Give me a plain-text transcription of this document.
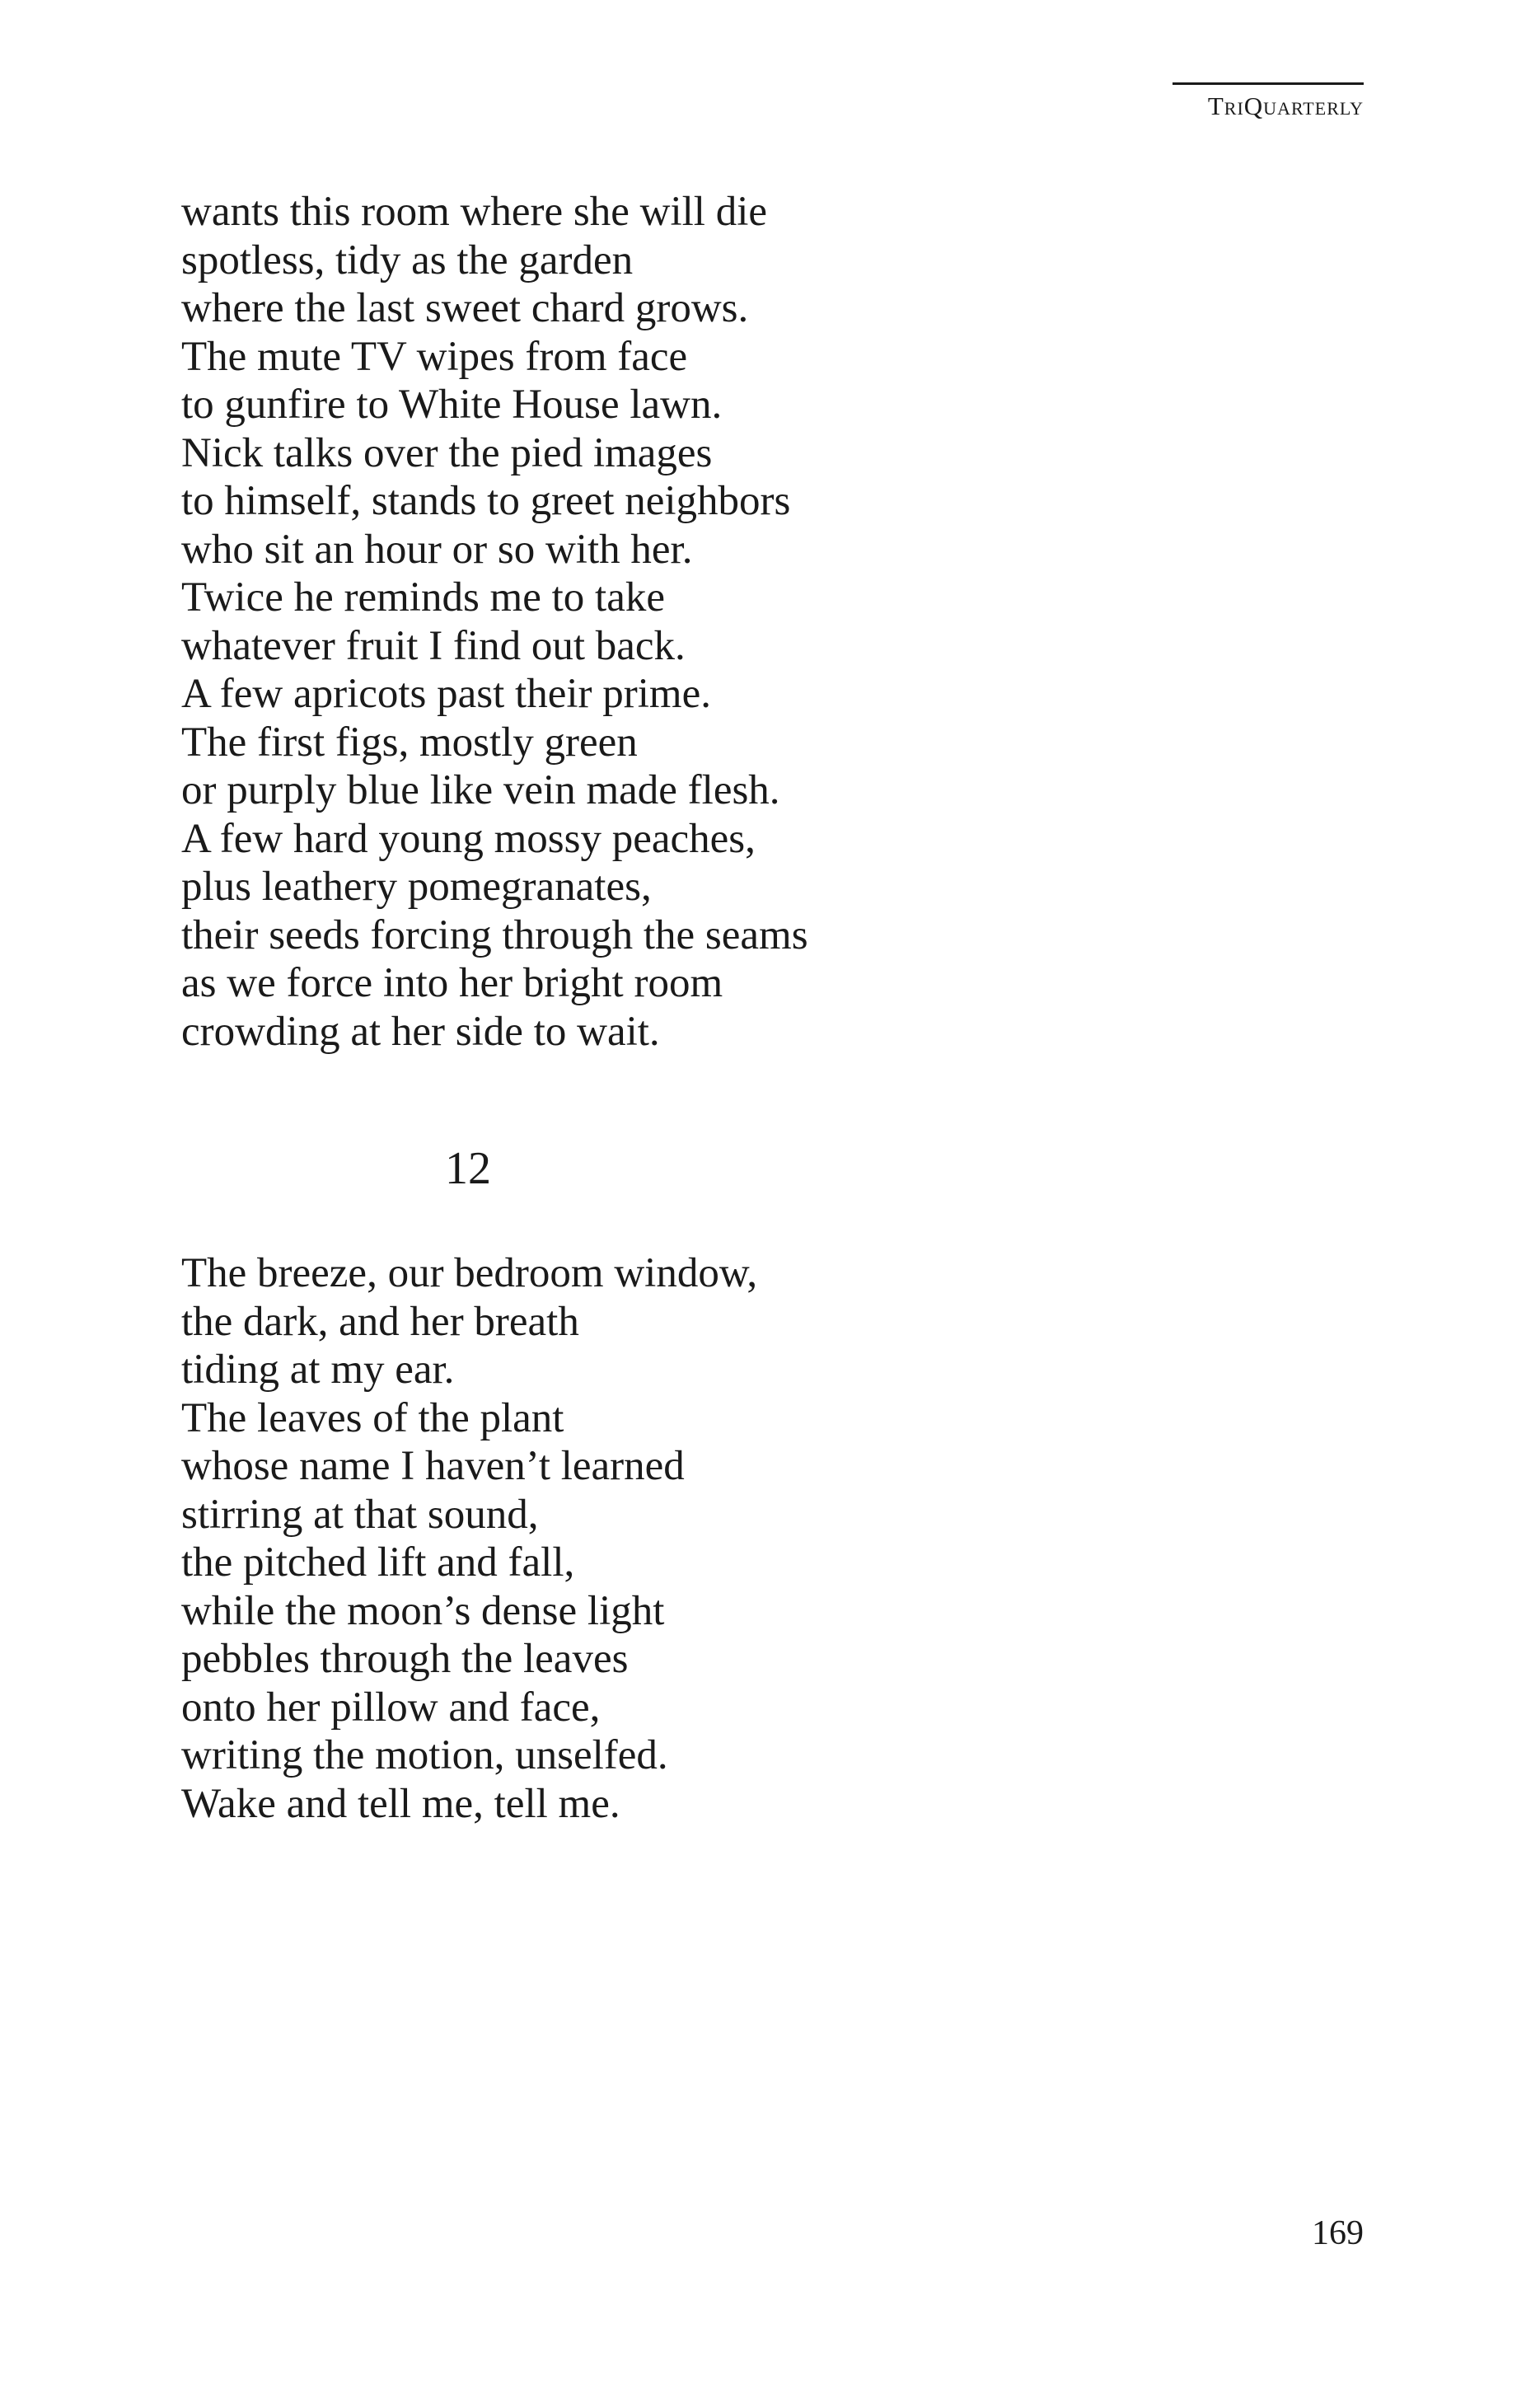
TriQuarterly
wants this room where she will die
spotless, tidy as the garden
where the last sweet chard grows.
The mute TV wipes from face
to gunfire to White House lawn.
Nick talks over the pied images
to himself, stands to greet neighbors
who sit an hour or so with her.
Twice he reminds me to take
whatever fruit I find out back.
A few apricots past their prime.
The first figs, mostly green
or purply blue like vein made flesh.
A few hard young mossy peaches,
plus leathery pomegranates,
their seeds forcing through the seams
as we force into her bright room
crowding at her side to wait.
12
The breeze, our bedroom window,
the dark, and her breath
tiding at my ear.
The leaves of the plant
whose name I haven’t learned
stirring at that sound,
the pitched lift and fall,
while the moon’s dense light
pebbles through the leaves
onto her pillow and face,
writing the motion, unselfed.
Wake and tell me, tell me.
169
